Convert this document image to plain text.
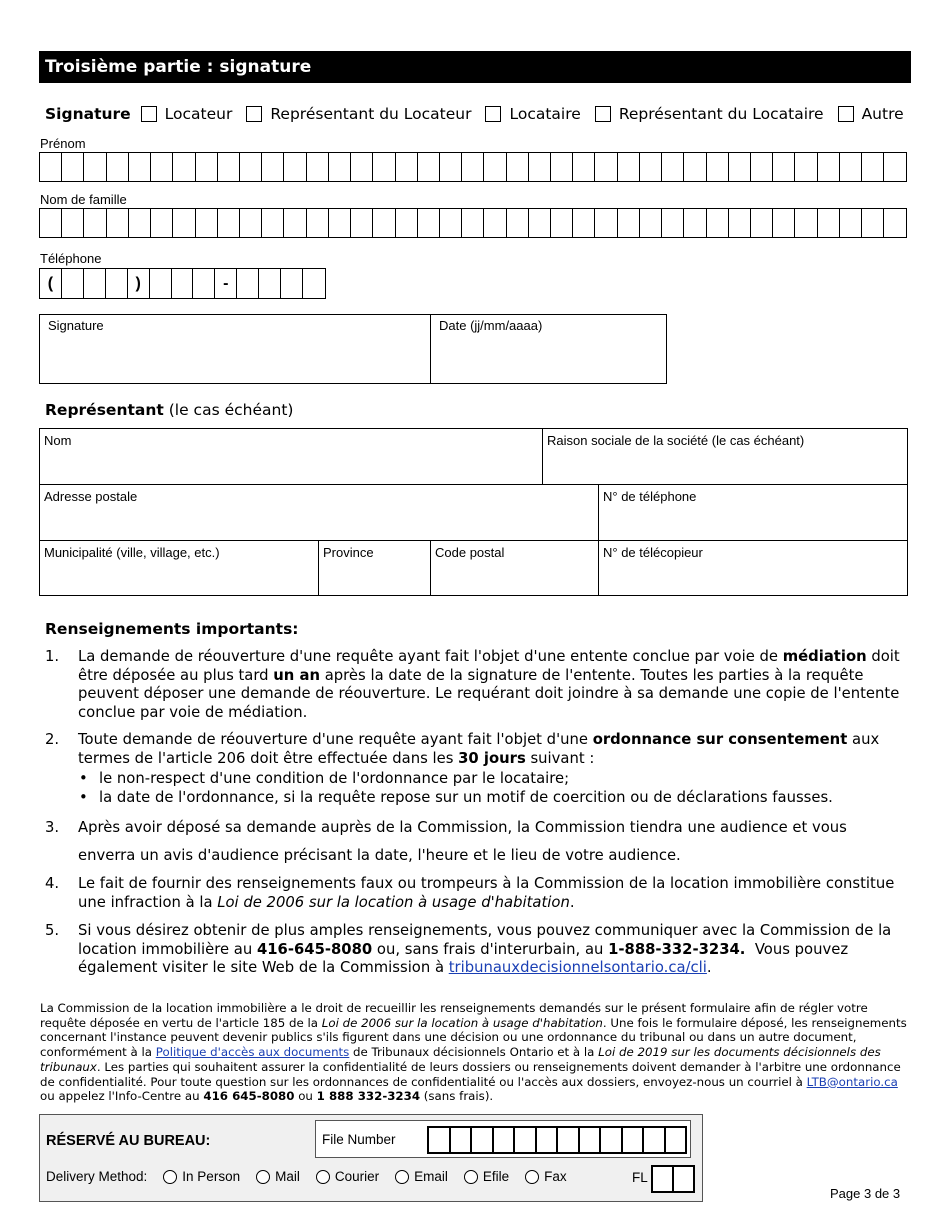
Troisième partie : signature
Signature Locateur Représentant du Locateur Locataire Représentant du Locataire Autre
Prénom
Nom de famille
Téléphone
(	)	-
Signature	Date (jj/mm/aaaa)
Représentant (le cas échéant)
Nom	Raison sociale de la société (le cas échéant)
Adresse postale	N° de téléphone
Municipalité (ville, village, etc.)	Province	Code postal	N° de télécopieur
Renseignements importants:
1. La demande de réouverture d'une requête ayant fait l'objet d'une entente conclue par voie de médiation doit être déposée au plus tard un an après la date de la signature de l'entente. Toutes les parties à la requête peuvent déposer une demande de réouverture. Le requérant doit joindre à sa demande une copie de l'entente conclue par voie de médiation.
2. Toute demande de réouverture d'une requête ayant fait l'objet d'une ordonnance sur consentement aux termes de l'article 206 doit être effectuée dans les 30 jours suivant :
• le non-respect d'une condition de l'ordonnance par le locataire;
• la date de l'ordonnance, si la requête repose sur un motif de coercition ou de déclarations fausses.
3. Après avoir déposé sa demande auprès de la Commission, la Commission tiendra une audience et vous
enverra un avis d'audience précisant la date, l'heure et le lieu de votre audience.
4. Le fait de fournir des renseignements faux ou trompeurs à la Commission de la location immobilière constitue une infraction à la Loi de 2006 sur la location à usage d'habitation.
5. Si vous désirez obtenir de plus amples renseignements, vous pouvez communiquer avec la Commission de la location immobilière au 416-645-8080 ou, sans frais d'interurbain, au 1-888-332-3234.  Vous pouvez également visiter le site Web de la Commission à tribunauxdecisionnelsontario.ca/cli.
La Commission de la location immobilière a le droit de recueillir les renseignements demandés sur le présent formulaire afin de régler votre requête déposée en vertu de l'article 185 de la Loi de 2006 sur la location à usage d'habitation. Une fois le formulaire déposé, les renseignements concernant l'instance peuvent devenir publics s'ils figurent dans une décision ou une ordonnance du tribunal ou dans un autre document, conformément à la Politique d'accès aux documents de Tribunaux décisionnels Ontario et à la Loi de 2019 sur les documents décisionnels des tribunaux. Les parties qui souhaitent assurer la confidentialité de leurs dossiers ou renseignements doivent demander à l'arbitre une ordonnance de confidentialité. Pour toute question sur les ordonnances de confidentialité ou l'accès aux dossiers, envoyez-nous un courriel à LTB@ontario.ca ou appelez l'Info-Centre au 416 645-8080 ou 1 888 332-3234 (sans frais).
RÉSERVÉ AU BUREAU:	File Number
Delivery Method:	In Person	Mail	Courier	Email	Efile	Fax	FL
Page 3 de 3
